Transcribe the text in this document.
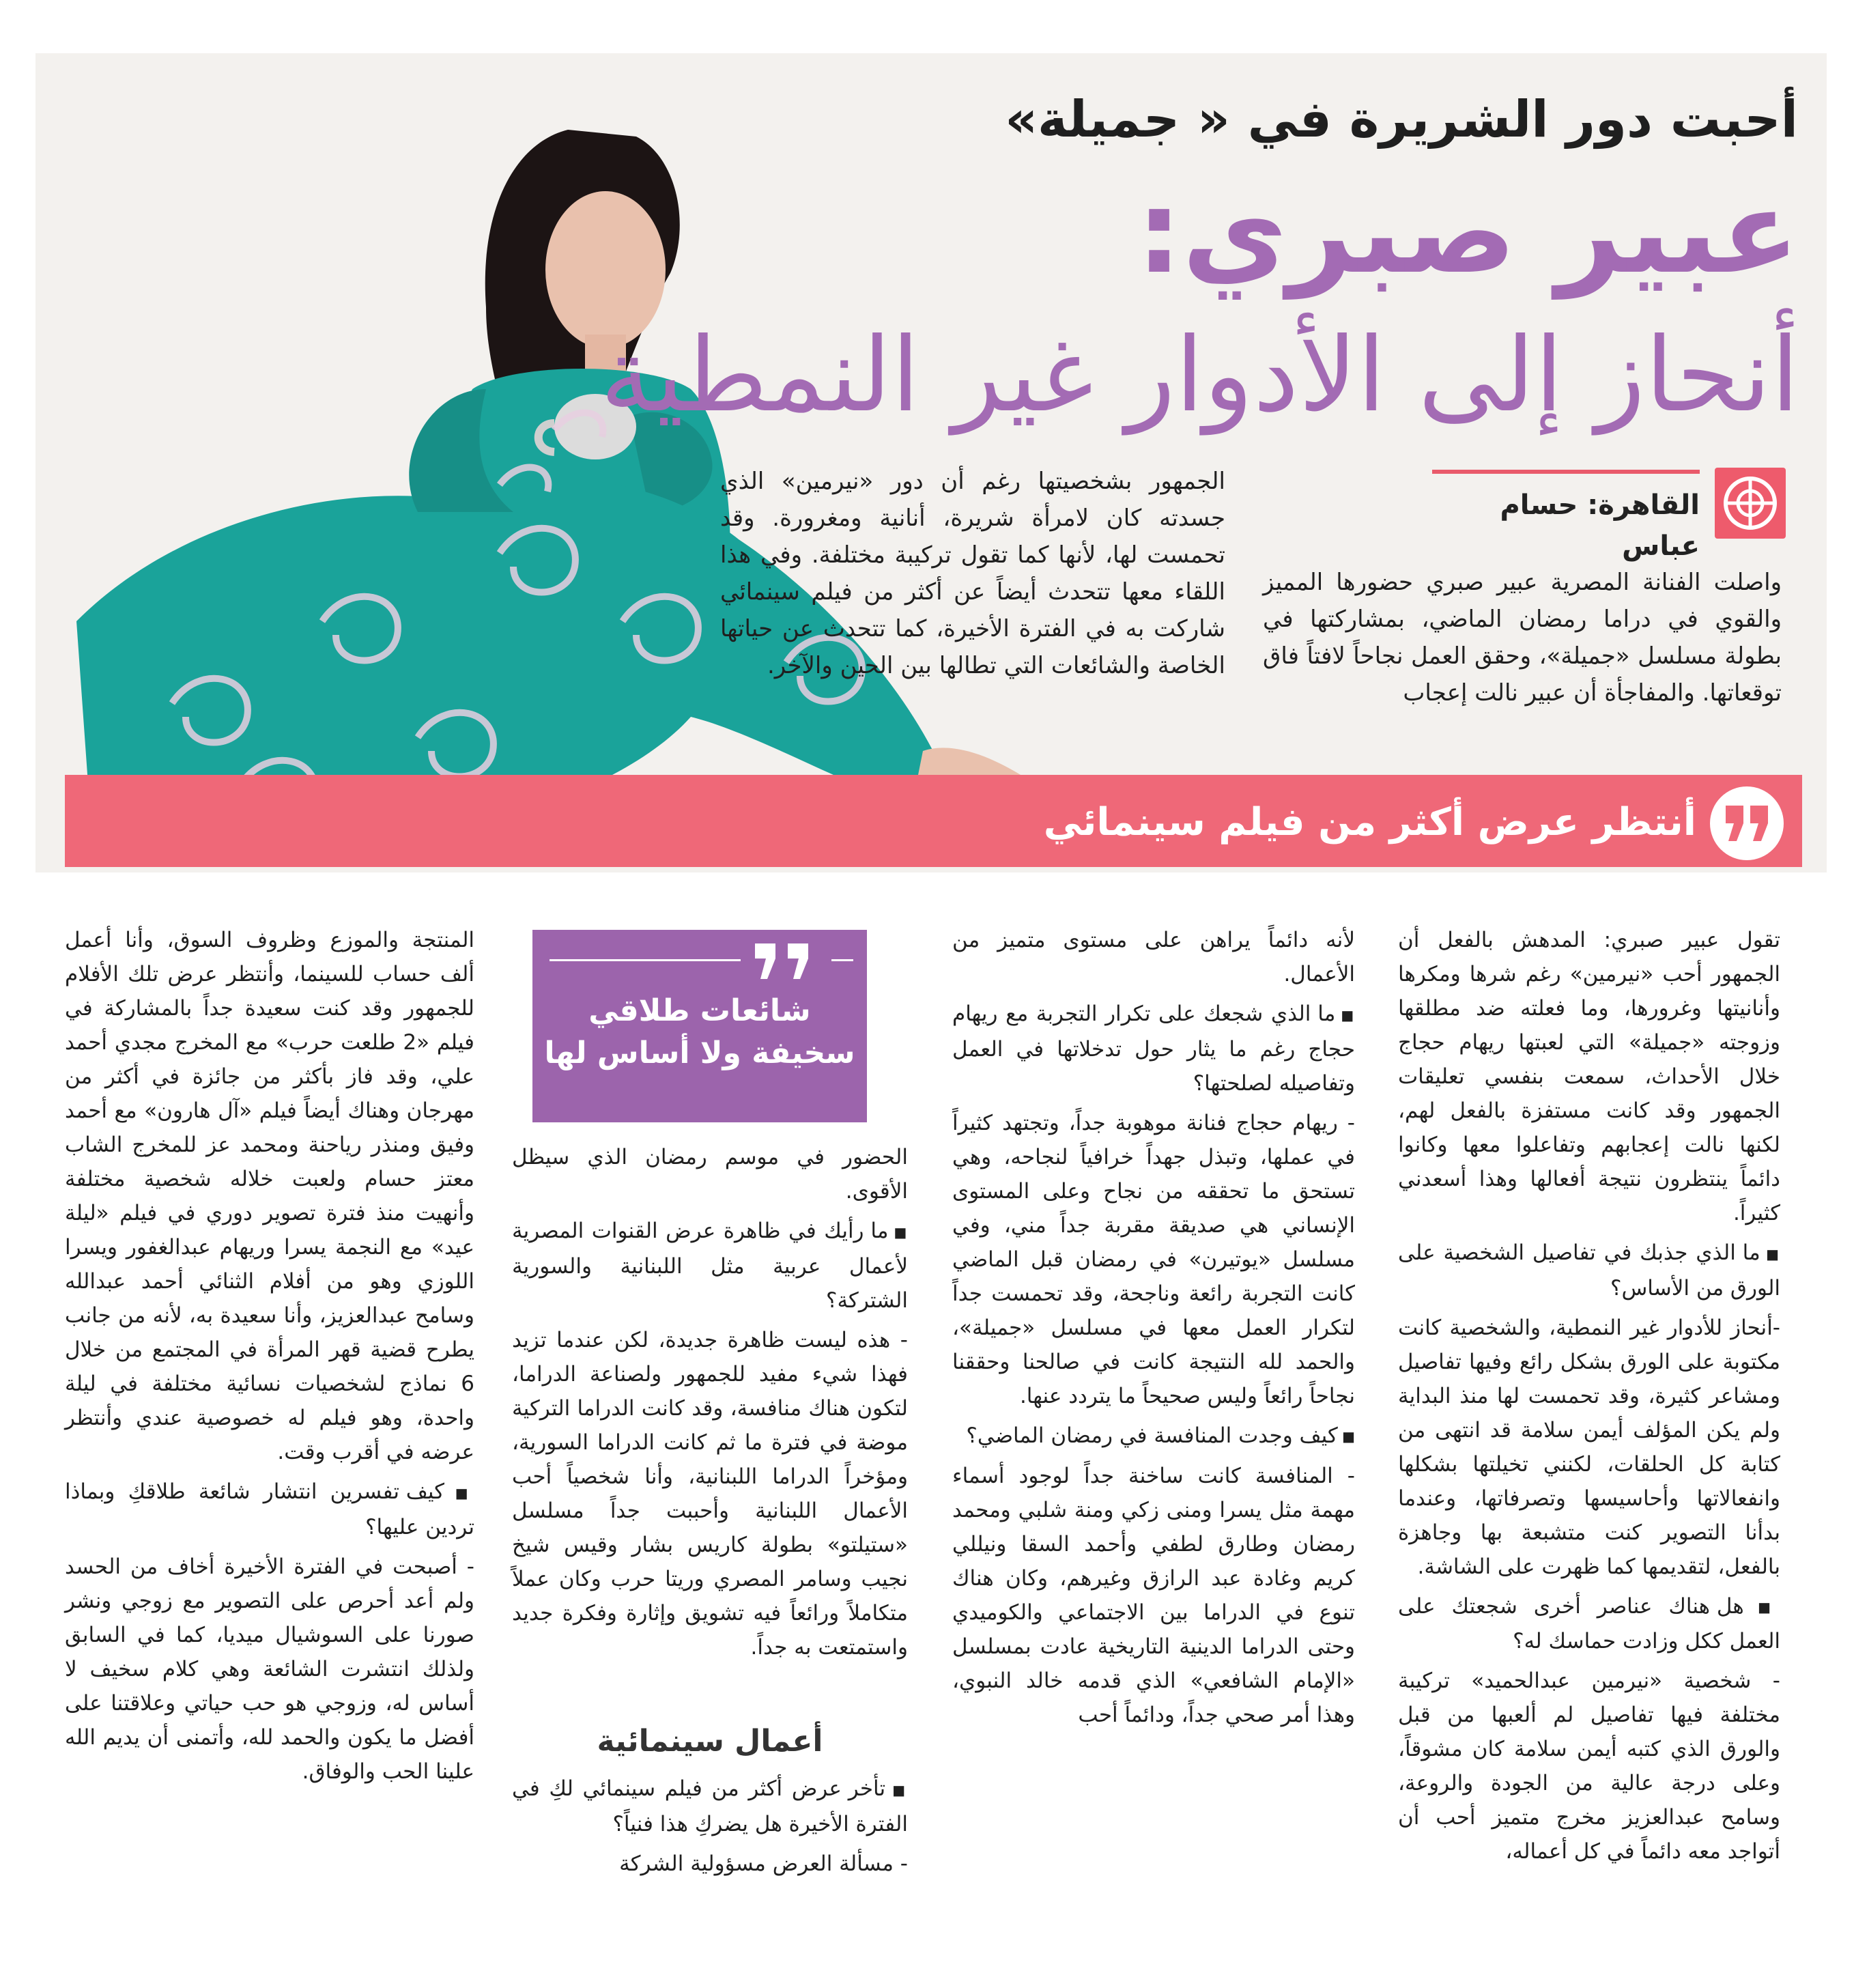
أحبت دور الشريرة في « جميلة»
عبير صبري:
أنحاز إلى الأدوار غير النمطية
القاهرة: حسام عباس
واصلت الفنانة المصرية عبير صبري حضورها المميز والقوي في دراما رمضان الماضي، بمشاركتها في بطولة مسلسل «جميلة»، وحقق العمل نجاحاً لافتاً فاق توقعاتها. والمفاجأة أن عبير نالت إعجاب
الجمهور بشخصيتها رغم أن دور «نيرمين» الذي جسدته كان لامرأة شريرة، أنانية ومغرورة. وقد تحمست لها، لأنها كما تقول تركيبة مختلفة. وفي هذا اللقاء معها تتحدث أيضاً عن أكثر من فيلم سينمائي شاركت به في الفترة الأخيرة، كما تتحدث عن حياتها الخاصة والشائعات التي تطالها بين الحين والآخر.
أنتظر عرض أكثر من فيلم سينمائي

تقول عبير صبري: المدهش بالفعل أن الجمهور أحب «نيرمين» رغم شرها ومكرها وأنانيتها وغرورها، وما فعلته ضد مطلقها وزوجته «جميلة» التي لعبتها ريهام حجاج خلال الأحداث، سمعت بنفسي تعليقات الجمهور وقد كانت مستفزة بالفعل لهم، لكنها نالت إعجابهم وتفاعلوا معها وكانوا دائماً ينتظرون نتيجة أفعالها وهذا أسعدني كثيراً.

■ ما الذي جذبك في تفاصيل الشخصية على الورق من الأساس؟

-أنحاز للأدوار غير النمطية، والشخصية كانت مكتوبة على الورق بشكل رائع وفيها تفاصيل ومشاعر كثيرة، وقد تحمست لها منذ البداية ولم يكن المؤلف أيمن سلامة قد انتهى من كتابة كل الحلقات، لكنني تخيلتها بشكلها وانفعالاتها وأحاسيسها وتصرفاتها، وعندما بدأنا التصوير كنت متشبعة بها وجاهزة بالفعل، لتقديمها كما ظهرت على الشاشة.

■ هل هناك عناصر أخرى شجعتك على العمل ككل وزادت حماسك له؟

- شخصية «نيرمين عبدالحميد» تركيبة مختلفة فيها تفاصيل لم ألعبها من قبل والورق الذي كتبه أيمن سلامة كان مشوقاً، وعلى درجة عالية من الجودة والروعة، وسامح عبدالعزيز مخرج متميز أحب أن أتواجد معه دائماً في كل أعماله،

لأنه دائماً يراهن على مستوى متميز من الأعمال.

■ ما الذي شجعك على تكرار التجربة مع ريهام حجاج رغم ما يثار حول تدخلاتها في العمل وتفاصيله لصلحتها؟

- ريهام حجاج فنانة موهوبة جداً، وتجتهد كثيراً في عملها، وتبذل جهداً خرافياً لنجاحه، وهي تستحق ما تحققه من نجاح وعلى المستوى الإنساني هي صديقة مقربة جداً مني، وفي مسلسل «يوتيرن» في رمضان قبل الماضي كانت التجربة رائعة وناجحة، وقد تحمست جداً لتكرار العمل معها في مسلسل «جميلة»، والحمد لله النتيجة كانت في صالحنا وحققنا نجاحاً رائعاً وليس صحيحاً ما يتردد عنها.

■ كيف وجدت المنافسة في رمضان الماضي؟

- المنافسة كانت ساخنة جداً لوجود أسماء مهمة مثل يسرا ومنى زكي ومنة شلبي ومحمد رمضان وطارق لطفي وأحمد السقا ونيللي كريم وغادة عبد الرازق وغيرهم، وكان هناك تنوع في الدراما بين الاجتماعي والكوميدي وحتى الدراما الدينية التاريخية عادت بمسلسل «الإمام الشافعي» الذي قدمه خالد النبوي، وهذا أمر صحي جداً، ودائماً أحب

شائعات طلاقي
سخيفة ولا أساس لها

الحضور في موسم رمضان الذي سيظل الأقوى.

■ ما رأيك في ظاهرة عرض القنوات المصرية لأعمال عربية مثل اللبنانية والسورية الشتركة؟

- هذه ليست ظاهرة جديدة، لكن عندما تزيد فهذا شيء مفيد للجمهور ولصناعة الدراما، لتكون هناك منافسة، وقد كانت الدراما التركية موضة في فترة ما ثم كانت الدراما السورية، ومؤخراً الدراما اللبنانية، وأنا شخصياً أحب الأعمال اللبنانية وأحببت جداً مسلسل «ستيلتو» بطولة كاريس بشار وقيس شيخ نجيب وسامر المصري وريتا حرب وكان عملاً متكاملاً ورائعاً فيه تشويق وإثارة وفكرة جديد واستمتعت به جداً.

أعمال سينمائية

■ تأخر عرض أكثر من فيلم سينمائي لكِ في الفترة الأخيرة هل يضركِ هذا فنياً؟

- مسألة العرض مسؤولية الشركة

المنتجة والموزع وظروف السوق، وأنا أعمل ألف حساب للسينما، وأنتظر عرض تلك الأفلام للجمهور وقد كنت سعيدة جداً بالمشاركة في فيلم «2 طلعت حرب» مع المخرج مجدي أحمد علي، وقد فاز بأكثر من جائزة في أكثر من مهرجان وهناك أيضاً فيلم «آل هارون» مع أحمد وفيق ومنذر رياحنة ومحمد عز للمخرج الشاب معتز حسام ولعبت خلاله شخصية مختلفة وأنهيت منذ فترة تصوير دوري في فيلم «ليلة عيد» مع النجمة يسرا وريهام عبدالغفور ويسرا اللوزي وهو من أفلام الثنائي أحمد عبدالله وسامح عبدالعزيز، وأنا سعيدة به، لأنه من جانب يطرح قضية قهر المرأة في المجتمع من خلال 6 نماذج لشخصيات نسائية مختلفة في ليلة واحدة، وهو فيلم له خصوصية عندي وأنتظر عرضه في أقرب وقت.

■ كيف تفسرين انتشار شائعة طلاقكِ وبماذا تردين عليها؟

- أصبحت في الفترة الأخيرة أخاف من الحسد ولم أعد أحرص على التصوير مع زوجي ونشر صورنا على السوشيال ميديا، كما في السابق ولذلك انتشرت الشائعة وهي كلام سخيف لا أساس له، وزوجي هو حب حياتي وعلاقتنا على أفضل ما يكون والحمد لله، وأتمنى أن يديم الله علينا الحب والوفاق.
